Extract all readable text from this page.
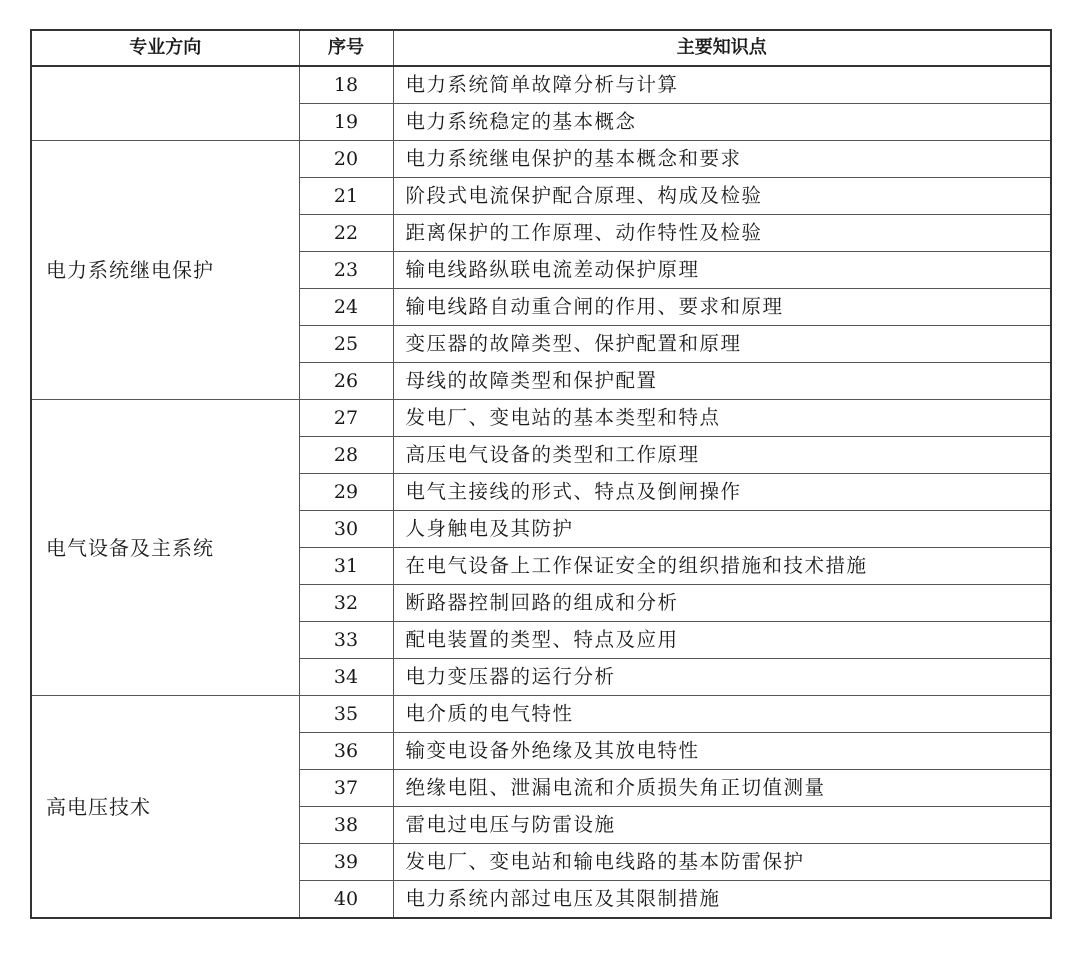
专业方向	序号	主要知识点
	18	电力系统简单故障分析与计算
	19	电力系统稳定的基本概念
电力系统继电保护	20	电力系统继电保护的基本概念和要求
	21	阶段式电流保护配合原理、构成及检验
	22	距离保护的工作原理、动作特性及检验
	23	输电线路纵联电流差动保护原理
	24	输电线路自动重合闸的作用、要求和原理
	25	变压器的故障类型、保护配置和原理
	26	母线的故障类型和保护配置
电气设备及主系统	27	发电厂、变电站的基本类型和特点
	28	高压电气设备的类型和工作原理
	29	电气主接线的形式、特点及倒闸操作
	30	人身触电及其防护
	31	在电气设备上工作保证安全的组织措施和技术措施
	32	断路器控制回路的组成和分析
	33	配电装置的类型、特点及应用
	34	电力变压器的运行分析
高电压技术	35	电介质的电气特性
	36	输变电设备外绝缘及其放电特性
	37	绝缘电阻、泄漏电流和介质损失角正切值测量
	38	雷电过电压与防雷设施
	39	发电厂、变电站和输电线路的基本防雷保护
	40	电力系统内部过电压及其限制措施
